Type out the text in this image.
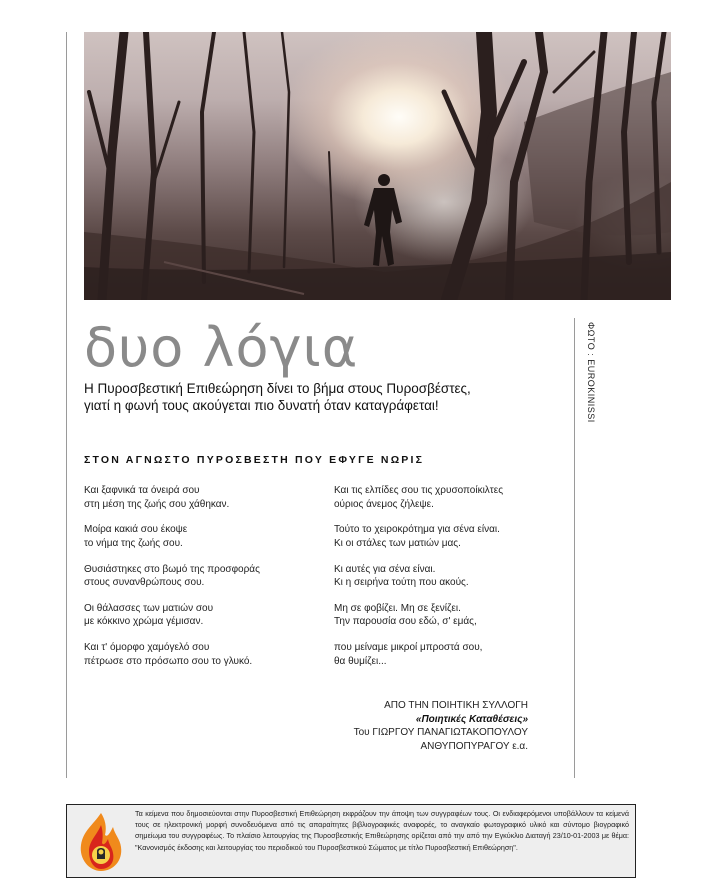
δυο λόγια
Η Πυροσβεστική Επιθεώρηση δίνει το βήμα στους Πυροσβέστες,
γιατί η φωνή τους ακούγεται πιο δυνατή όταν καταγράφεται!	ΦΩΤΟ : EUROKINISSI
ΣΤΟΝ ΑΓΝΩΣΤΟ ΠΥΡΟΣΒΕΣΤΗ ΠΟΥ ΕΦΥΓΕ ΝΩΡΙΣ
Και ξαφνικά τα όνειρά σου
στη μέση της ζωής σου χάθηκαν.
Μοίρα κακιά σου έκοψε
το νήμα της ζωής σου.
Θυσιάστηκες στο βωμό της προσφοράς
στους συνανθρώπους σου.
Οι θάλασσες των ματιών σου
με κόκκινο χρώμα γέμισαν.
Και τ' όμορφο χαμόγελό σου
πέτρωσε στο πρόσωπο σου το γλυκό.
Και τις ελπίδες σου τις χρυσοποίκιλτες
ούριος άνεμος ζήλεψε.
Τούτο το χειροκρότημα για σένα είναι.
Κι οι στάλες των ματιών μας.
Κι αυτές για σένα είναι.
Κι η σειρήνα τούτη που ακούς.
Μη σε φοβίζει. Μη σε ξενίζει.
Την παρουσία σου εδώ, σ' εμάς,
που μείναμε μικροί μπροστά σου,
θα θυμίζει...
ΑΠΟ ΤΗΝ ΠΟΙΗΤΙΚΗ ΣΥΛΛΟΓΗ
«Ποιητικές Καταθέσεις»
Του ΓΙΩΡΓΟΥ ΠΑΝΑΓΙΩΤΑΚΟΠΟΥΛΟΥ
ΑΝΘΥΠΟΠΥΡΑΓΟΥ ε.α.
Τα κείμενα που δημοσιεύονται στην Πυροσβεστική Επιθεώρηση εκφράζουν την άποψη των συγγραφέων τους. Οι ενδιαφερόμενοι υποβάλλουν τα κείμενά τους σε ηλεκτρονική μορφή συνοδευόμενα από τις απαραίτητες βιβλιογραφικές αναφορές, το αναγκαίο φωτογραφικό υλικό και σύντομο βιογραφικό σημείωμα του συγγραφέως. Το πλαίσιο λειτουργίας της Πυροσβεστικής Επιθεώρησης ορίζεται από την από την Εγκύκλιο Διαταγή 23/10-01-2003 με θέμα: "Κανονισμός έκδοσης και λειτουργίας του περιοδικού του Πυροσβεστικού Σώματος με τίτλο Πυροσβεστική Επιθεώρηση".
